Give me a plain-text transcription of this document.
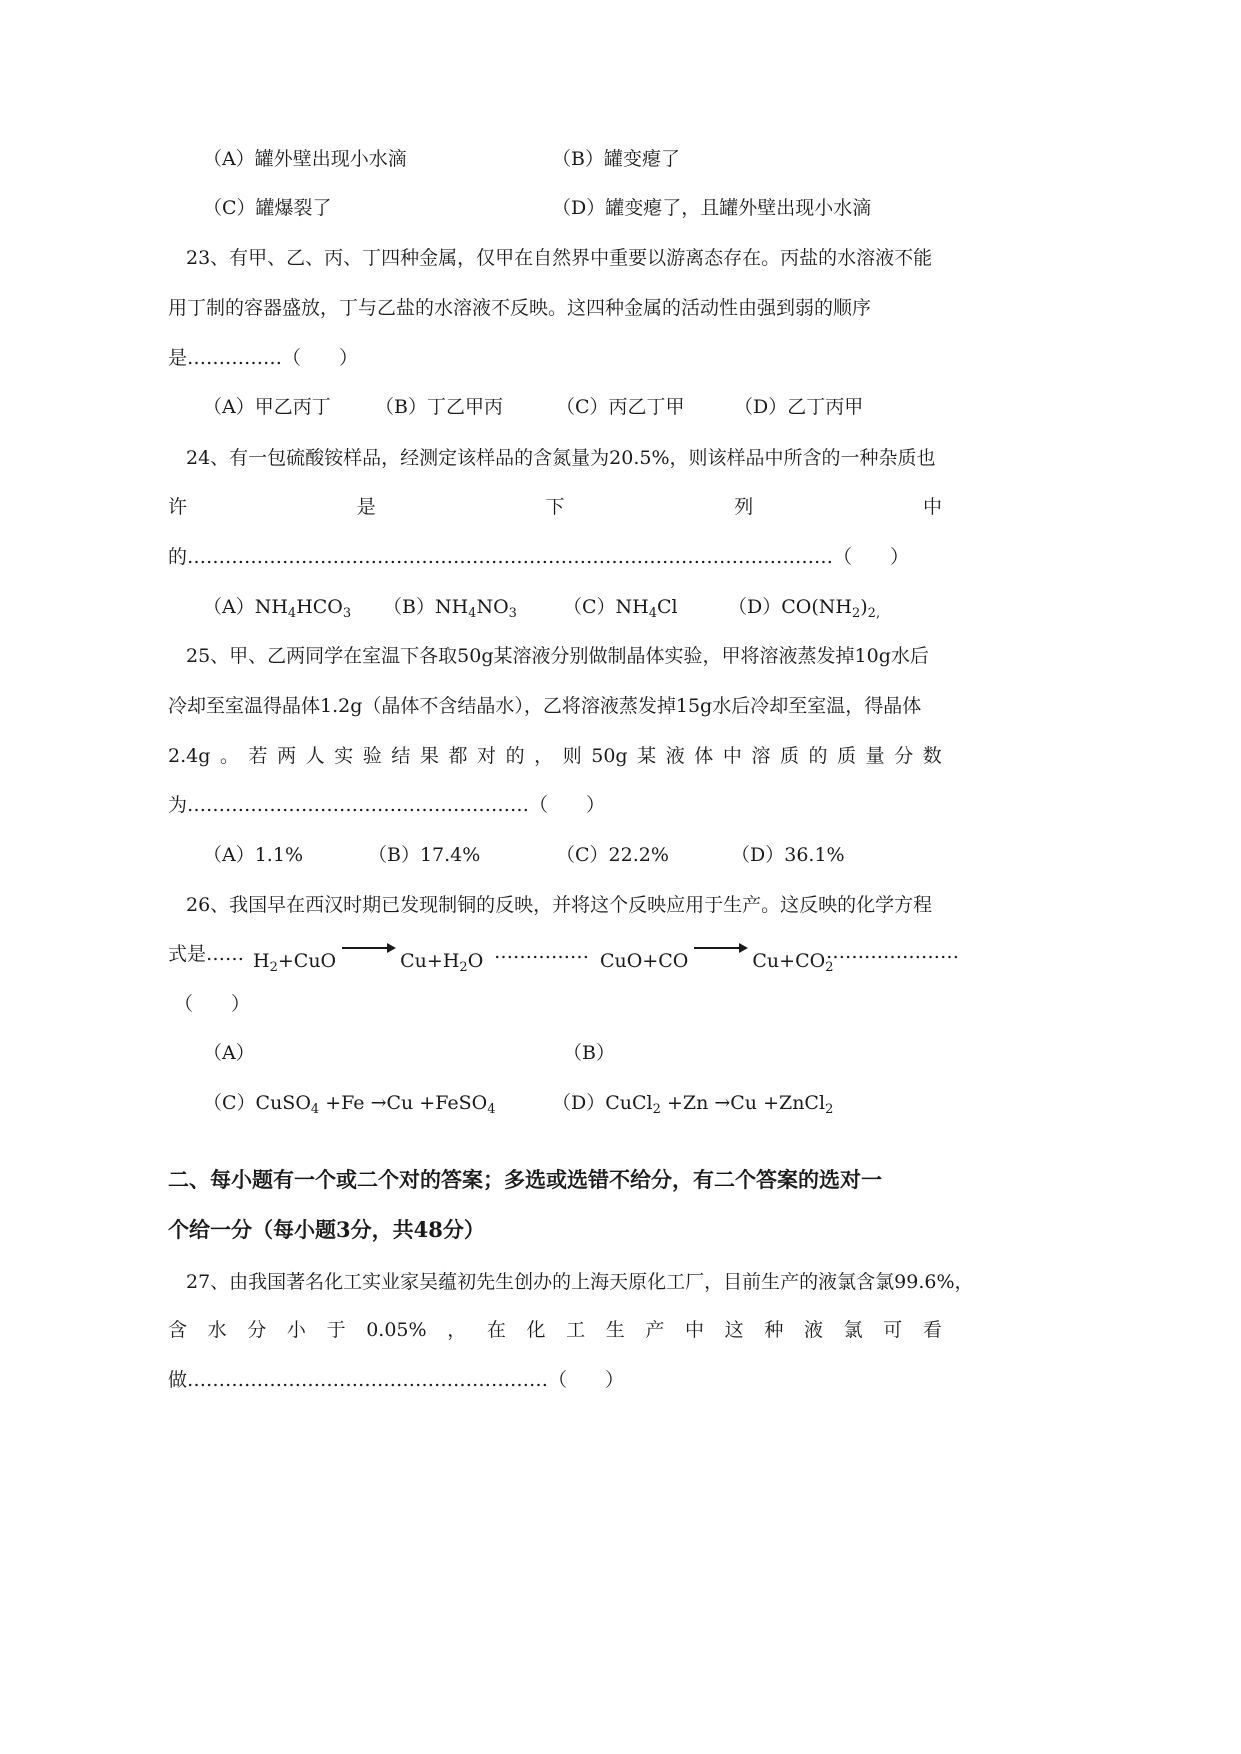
（A）罐外壁出现小水滴	（B）罐变瘪了
（C）罐爆裂了	（D）罐变瘪了，且罐外壁出现小水滴
23、有甲、乙、丙、丁四种金属，仅甲在自然界中重要以游离态存在。丙盐的水溶液不能
用丁制的容器盛放，丁与乙盐的水溶液不反映。这四种金属的活动性由强到弱的顺序
是……………（　　）
（A）甲乙丙丁 （B）丁乙甲丙	（C）丙乙丁甲	（D）乙丁丙甲
24、有一包硫酸铵样品，经测定该样品的含氮量为20.5%，则该样品中所含的一种杂质也
许	是	下	列	中
的…………………………………………………………………………………………（　　）
$(A)NH_4HCO_3$ $(B)NH_4NO_3$ $(C)NH_4Cl$	$(D)CO(NH_2)_{2,}$
25、甲、乙两同学在室温下各取50g某溶液分别做制晶体实验，甲将溶液蒸发掉10g水后
冷却至室温得晶体1.2g（晶体不含结晶水），乙将溶液蒸发掉15g水后冷却至室温，得晶体
2.4g 。 若 两 人 实 验 结 果 都 对 的 ， 则 50g 某 液 体 中 溶 质 的 质 量 分 数
为………………………………………………（　　）
（A）1.1%	（B）17.4%	（C）22.2%	（D）36.1%
26、我国早在西汉时期已发现制铜的反映，并将这个反映应用于生产。这反映的化学方程
式是…… $H_2+CuO$	$Cu+H_2O$ …………… CuO+CO	$Cu+CO_2$
…………………
（　　）
（A）	（B）
（C）CuSO$_4$ +Fe →Cu +FeSO$_4$	（D）CuCl$_2$ +Zn →Cu +ZnCl$_2$
二、每小题有一个或二个对的答案；多选或选错不给分，有二个答案的选对一
个给一分（每小题3分，共48分）
27、由我国著名化工实业家吴蕴初先生创办的上海天原化工厂，目前生产的液氯含氯99.6%，
含 水 分 小 于 0.05% ， 在 化 工 生 产 中 这 种 液 氯 可 看
做…………………………………………………（　　）
